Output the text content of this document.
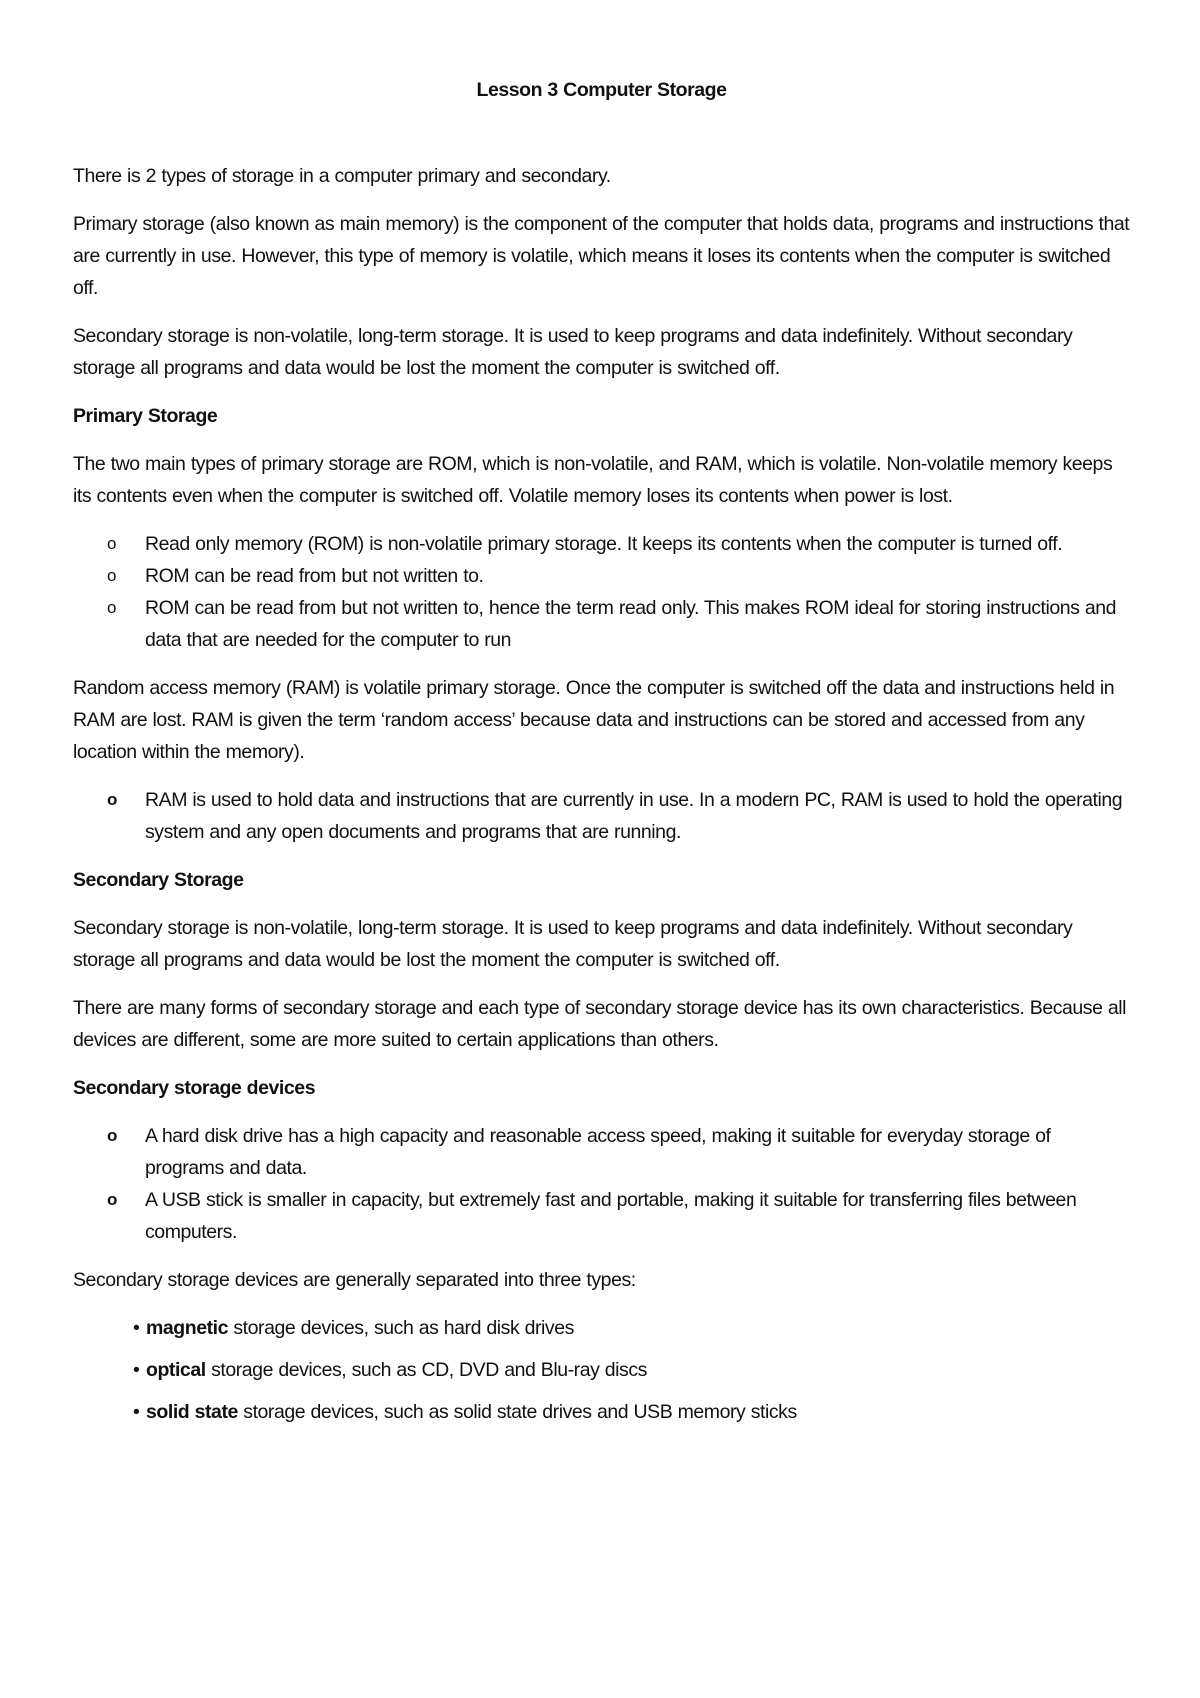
Lesson 3 Computer Storage

There is 2 types of storage in a computer primary and secondary.

Primary storage (also known as main memory) is the component of the computer that holds data, programs and instructions that are currently in use. However, this type of memory is volatile, which means it loses its contents when the computer is switched off.

Secondary storage is non-volatile, long-term storage. It is used to keep programs and data indefinitely. Without secondary storage all programs and data would be lost the moment the computer is switched off.

Primary Storage

The two main types of primary storage are ROM, which is non-volatile, and RAM, which is volatile. Non-volatile memory keeps its contents even when the computer is switched off. Volatile memory loses its contents when power is lost.

o Read only memory (ROM) is non-volatile primary storage. It keeps its contents when the computer is turned off.
o ROM can be read from but not written to.
o ROM can be read from but not written to, hence the term read only. This makes ROM ideal for storing instructions and data that are needed for the computer to run

Random access memory (RAM) is volatile primary storage. Once the computer is switched off the data and instructions held in RAM are lost. RAM is given the term ‘random access’ because data and instructions can be stored and accessed from any location within the memory).

o RAM is used to hold data and instructions that are currently in use. In a modern PC, RAM is used to hold the operating system and any open documents and programs that are running.
Secondary Storage

Secondary storage is non-volatile, long-term storage. It is used to keep programs and data indefinitely. Without secondary storage all programs and data would be lost the moment the computer is switched off.

There are many forms of secondary storage and each type of secondary storage device has its own characteristics. Because all devices are different, some are more suited to certain applications than others.

Secondary storage devices
o A hard disk drive has a high capacity and reasonable access speed, making it suitable for everyday storage of programs and data.
o A USB stick is smaller in capacity, but extremely fast and portable, making it suitable for transferring files between computers.

Secondary storage devices are generally separated into three types:

• magnetic storage devices, such as hard disk drives
• optical storage devices, such as CD, DVD and Blu-ray discs
• solid state storage devices, such as solid state drives and USB memory sticks
